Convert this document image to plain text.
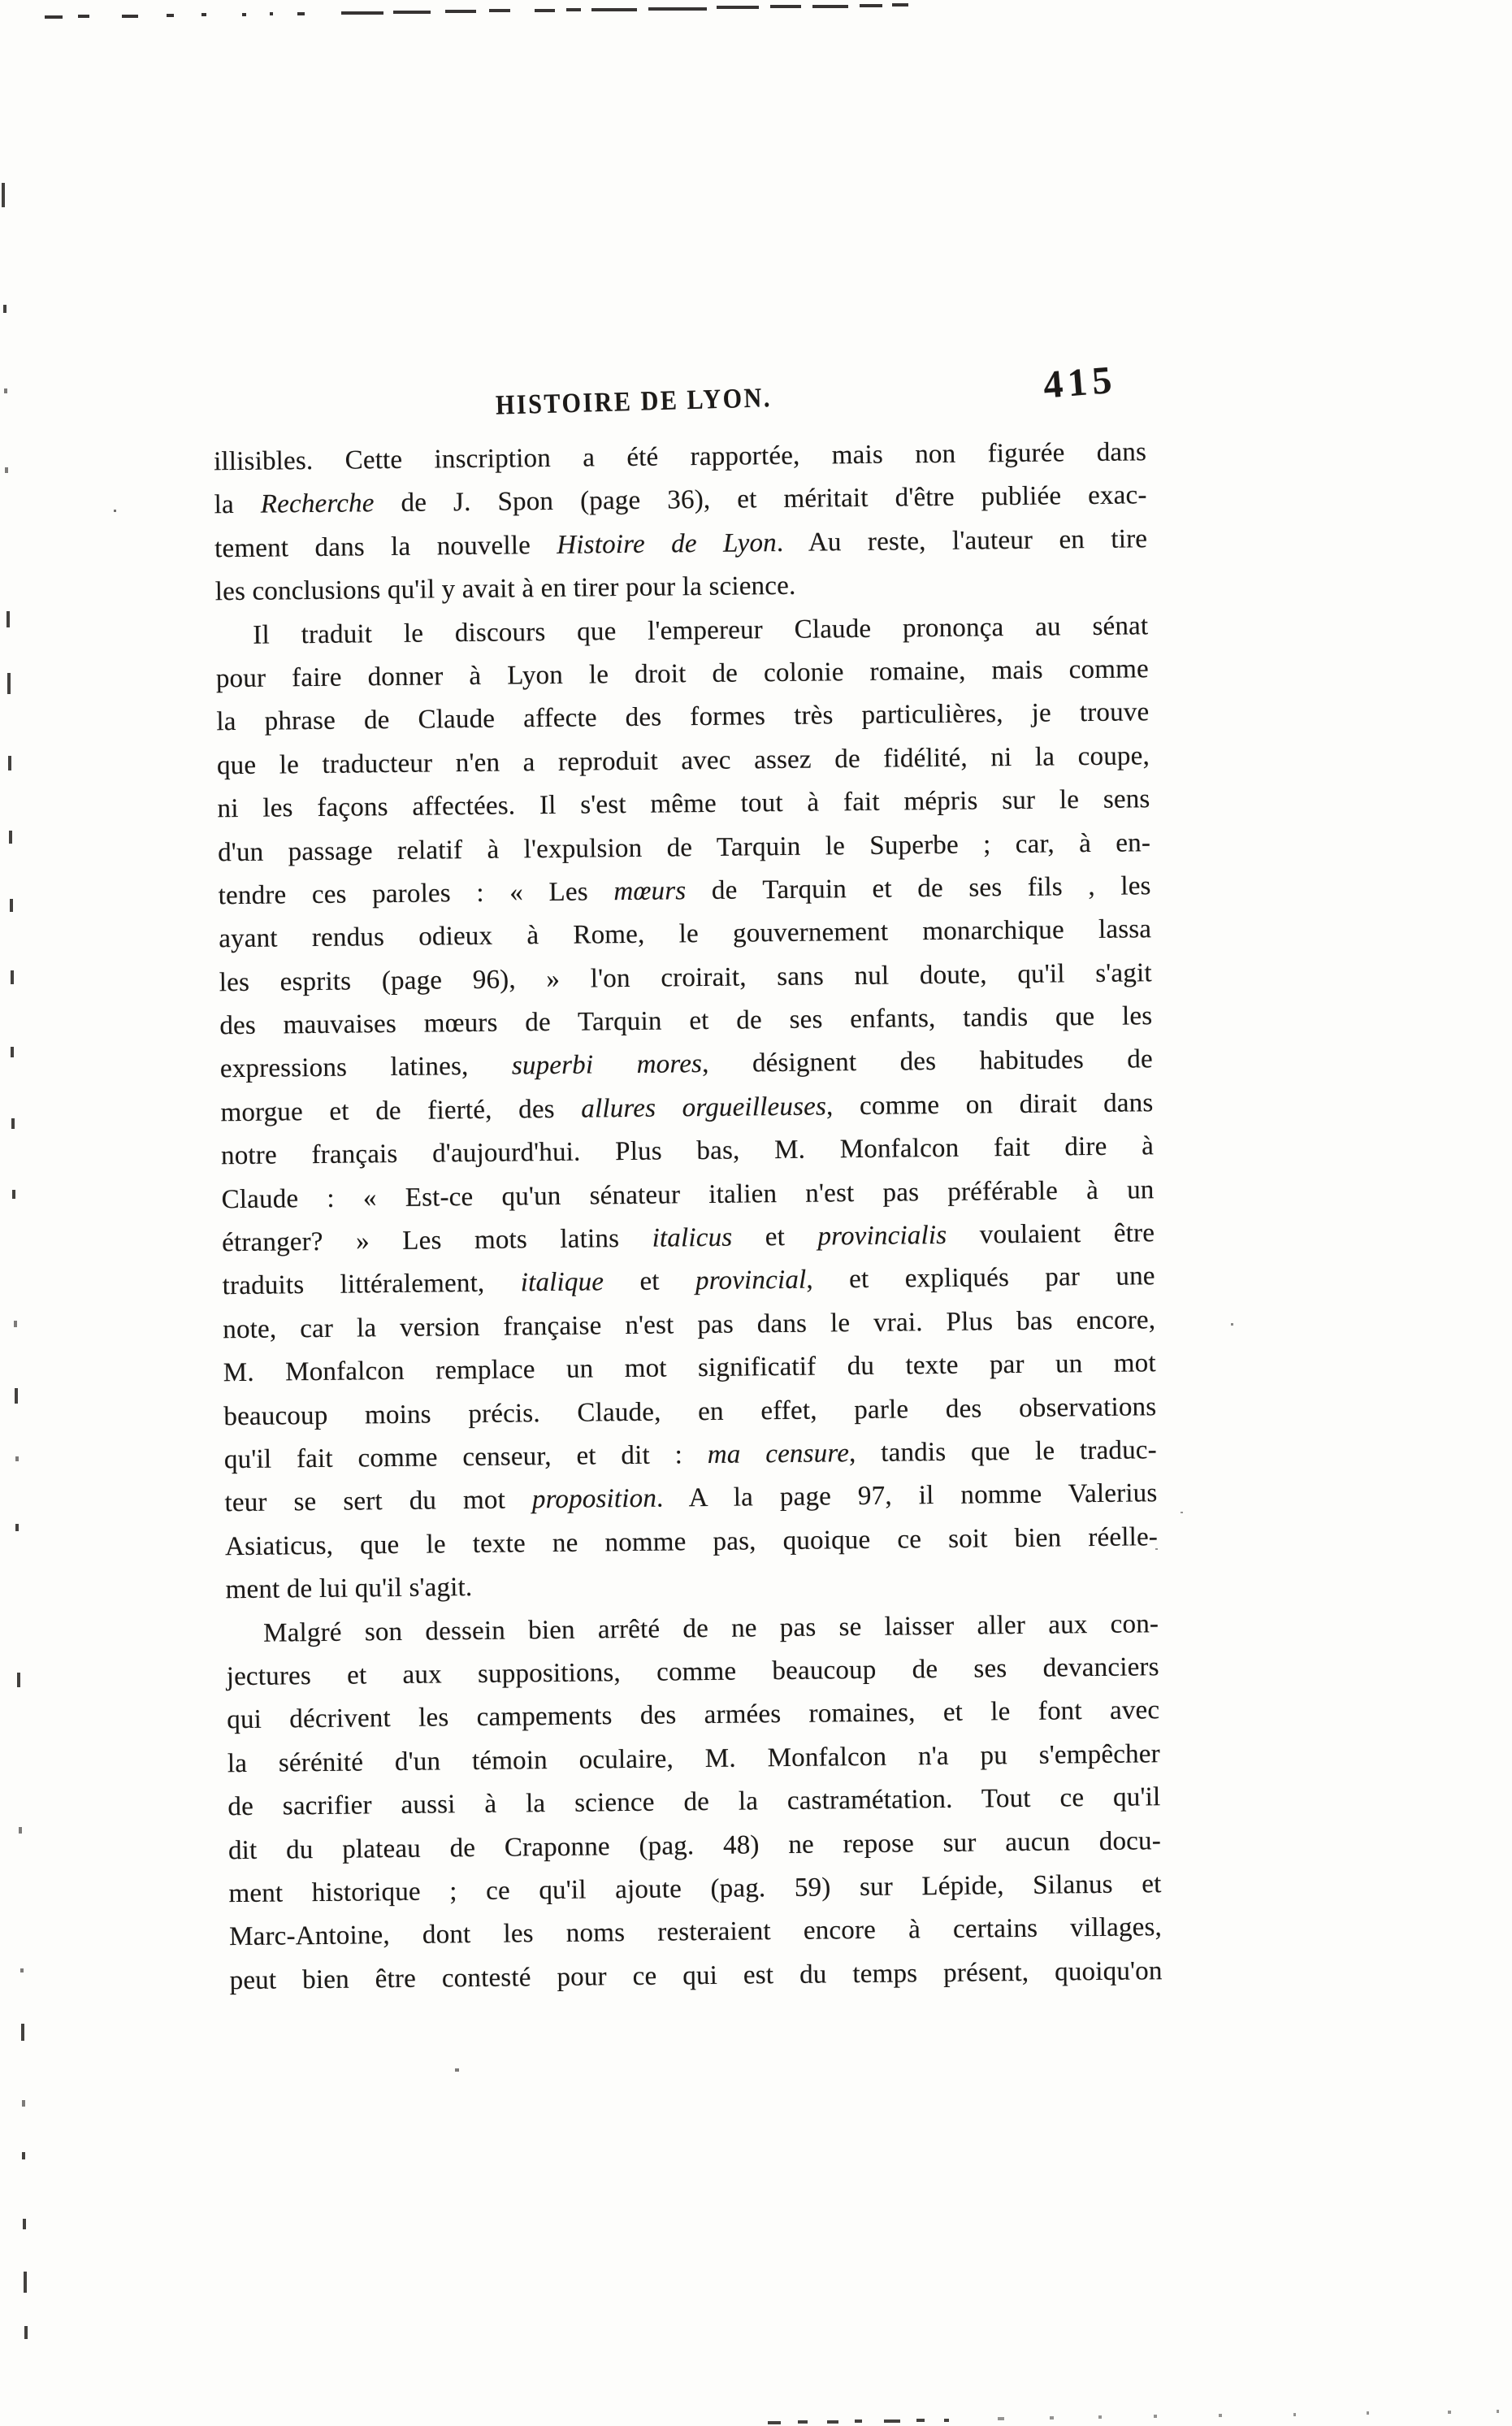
HISTOIRE DE LYON.	415
illisibles. Cette inscription a été rapportée, mais non figurée dans
la Recherche de J. Spon (page 36), et méritait d'être publiée exac-
tement dans la nouvelle Histoire de Lyon. Au reste, l'auteur en tire
les conclusions qu'il y avait à en tirer pour la science.
Il traduit le discours que l'empereur Claude prononça au sénat
pour faire donner à Lyon le droit de colonie romaine, mais comme
la phrase de Claude affecte des formes très particulières, je trouve
que le traducteur n'en a reproduit avec assez de fidélité, ni la coupe,
ni les façons affectées. Il s'est même tout à fait mépris sur le sens
d'un passage relatif à l'expulsion de Tarquin le Superbe ; car, à en-
tendre ces paroles : « Les mœurs de Tarquin et de ses fils , les
ayant rendus odieux à Rome, le gouvernement monarchique lassa
les esprits (page 96), » l'on croirait, sans nul doute, qu'il s'agit
des mauvaises mœurs de Tarquin et de ses enfants, tandis que les
expressions latines, superbi mores, désignent des habitudes de
morgue et de fierté, des allures orgueilleuses, comme on dirait dans
notre français d'aujourd'hui. Plus bas, M. Monfalcon fait dire à
Claude : « Est-ce qu'un sénateur italien n'est pas préférable à un
étranger? » Les mots latins italicus et provincialis voulaient être
traduits littéralement, italique et provincial, et expliqués par une
note, car la version française n'est pas dans le vrai. Plus bas encore,
M. Monfalcon remplace un mot significatif du texte par un mot
beaucoup moins précis. Claude, en effet, parle des observations
qu'il fait comme censeur, et dit : ma censure, tandis que le traduc-
teur se sert du mot proposition. A la page 97, il nomme Valerius
Asiaticus, que le texte ne nomme pas, quoique ce soit bien réelle-
ment de lui qu'il s'agit.
Malgré son dessein bien arrêté de ne pas se laisser aller aux con-
jectures et aux suppositions, comme beaucoup de ses devanciers
qui décrivent les campements des armées romaines, et le font avec
la sérénité d'un témoin oculaire, M. Monfalcon n'a pu s'empêcher
de sacrifier aussi à la science de la castramétation. Tout ce qu'il
dit du plateau de Craponne (pag. 48) ne repose sur aucun docu-
ment historique ; ce qu'il ajoute (pag. 59) sur Lépide, Silanus et
Marc-Antoine, dont les noms resteraient encore à certains villages,
peut bien être contesté pour ce qui est du temps présent, quoiqu'on
